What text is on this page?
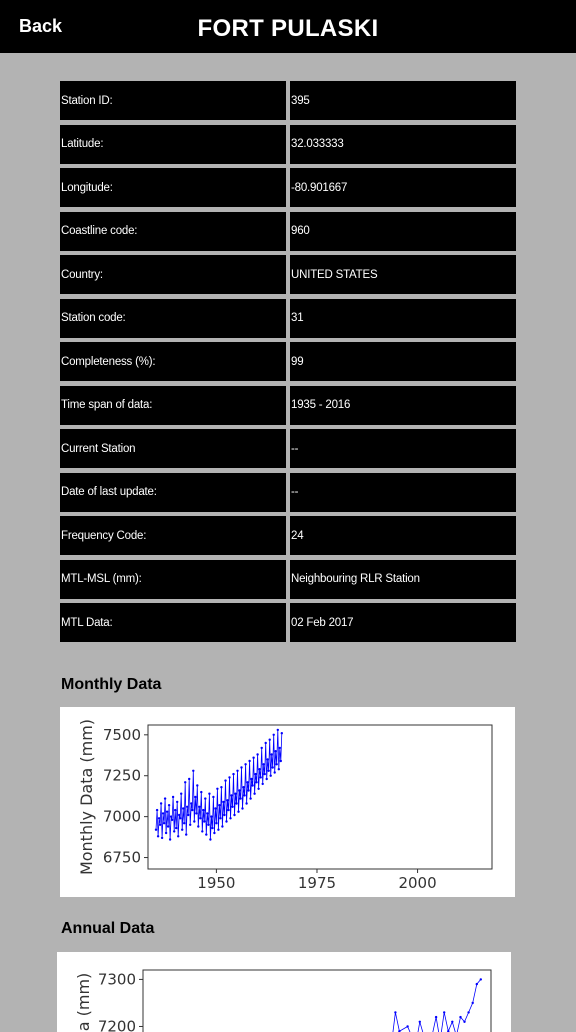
Back	FORT PULASKI
Station ID:	395
Latitude:	32.033333
Longitude:	-80.901667
Coastline code:	960
Country:	UNITED STATES
Station code:	31
Completeness (%):	99
Time span of data:	1935 - 2016
Current Station	--
Date of last update:	--
Frequency Code:	24
MTL-MSL (mm):	Neighbouring RLR Station
MTL Data:	02 Feb 2017
Monthly Data
6750
7000
7250
7500
1950	1975	2000
Monthly Data (mm)
Annual Data
7200
7300
a (mm)
